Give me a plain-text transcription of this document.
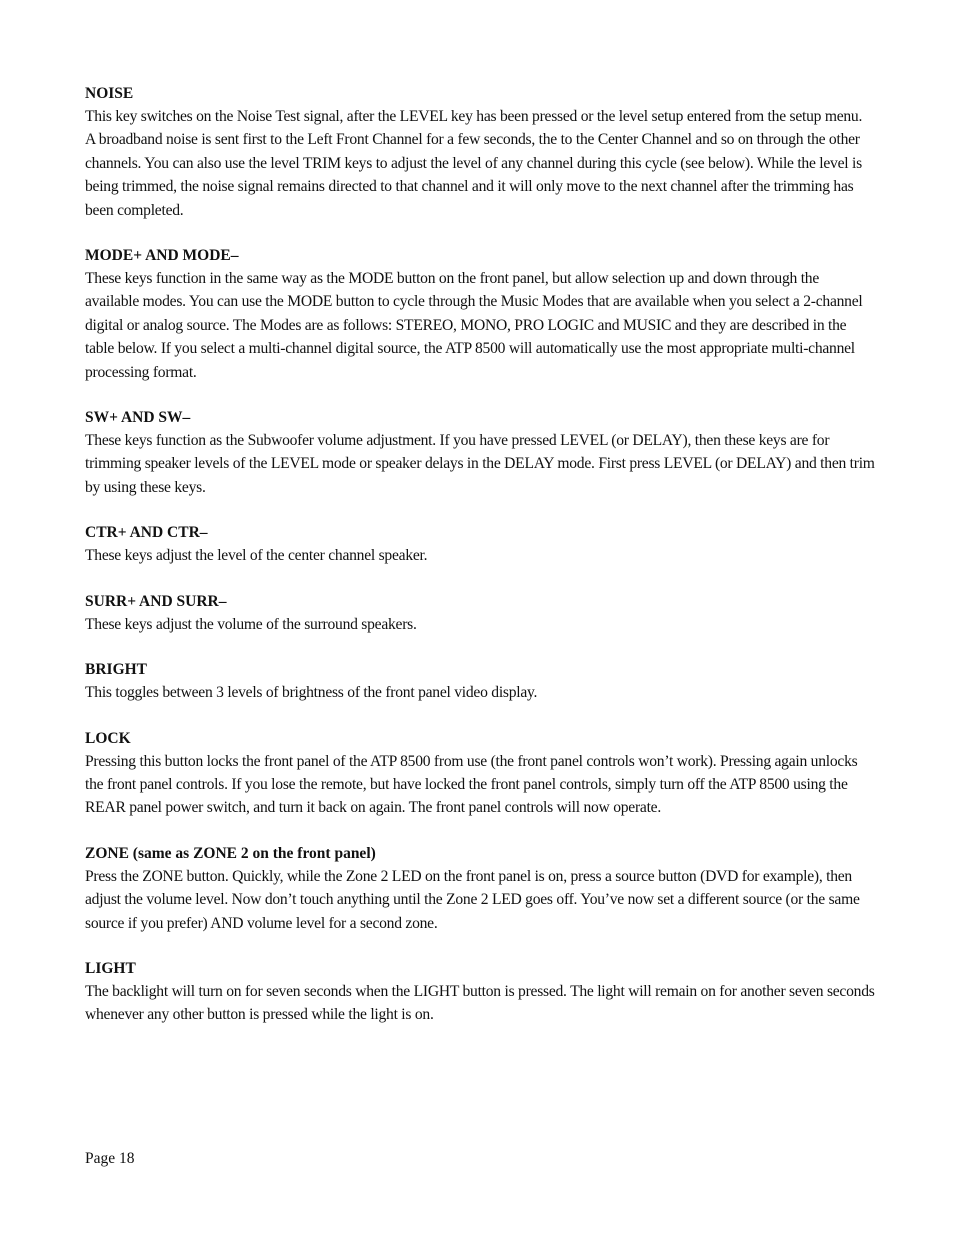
NOISE

This key switches on the Noise Test signal, after the LEVEL key has been pressed or the level setup entered from the setup menu. A broadband noise is sent first to the Left Front Channel for a few seconds, the to the Center Channel and so on through the other channels. You can also use the level TRIM keys to adjust the level of any channel during this cycle (see below). While the level is being trimmed, the noise signal remains directed to that channel and it will only move to the next channel after the trimming has been completed.

MODE+ AND MODE–

These keys function in the same way as the MODE button on the front panel, but allow selection up and down through the available modes. You can use the MODE button to cycle through the Music Modes that are available when you select a 2-channel digital or analog source. The Modes are as follows: STEREO, MONO, PRO LOGIC and MUSIC and they are described in the table below. If you select a multi-channel digital source, the ATP 8500 will automatically use the most appropriate multi-channel processing format.

SW+ AND SW–

These keys function as the Subwoofer volume adjustment. If you have pressed LEVEL (or DELAY), then these keys are for trimming speaker levels of the LEVEL mode or speaker delays in the DELAY mode. First press LEVEL (or DELAY) and then trim by using these keys.

CTR+ AND CTR–

These keys adjust the level of the center channel speaker.

SURR+ AND SURR–

These keys adjust the volume of the surround speakers.

BRIGHT

This toggles between 3 levels of brightness of the front panel video display.

LOCK

Pressing this button locks the front panel of the ATP 8500 from use (the front panel controls won’t work). Pressing again unlocks the front panel controls. If you lose the remote, but have locked the front panel controls, simply turn off the ATP 8500 using the REAR panel power switch, and turn it back on again. The front panel controls will now operate.

ZONE (same as ZONE 2 on the front panel)

Press the ZONE button. Quickly, while the Zone 2 LED on the front panel is on, press a source button (DVD for example), then adjust the volume level. Now don’t touch anything until the Zone 2 LED goes off. You’ve now set a different source (or the same source if you prefer) AND volume level for a second zone.

LIGHT

The backlight will turn on for seven seconds when the LIGHT button is pressed. The light will remain on for another seven seconds whenever any other button is pressed while the light is on.

Page 18
